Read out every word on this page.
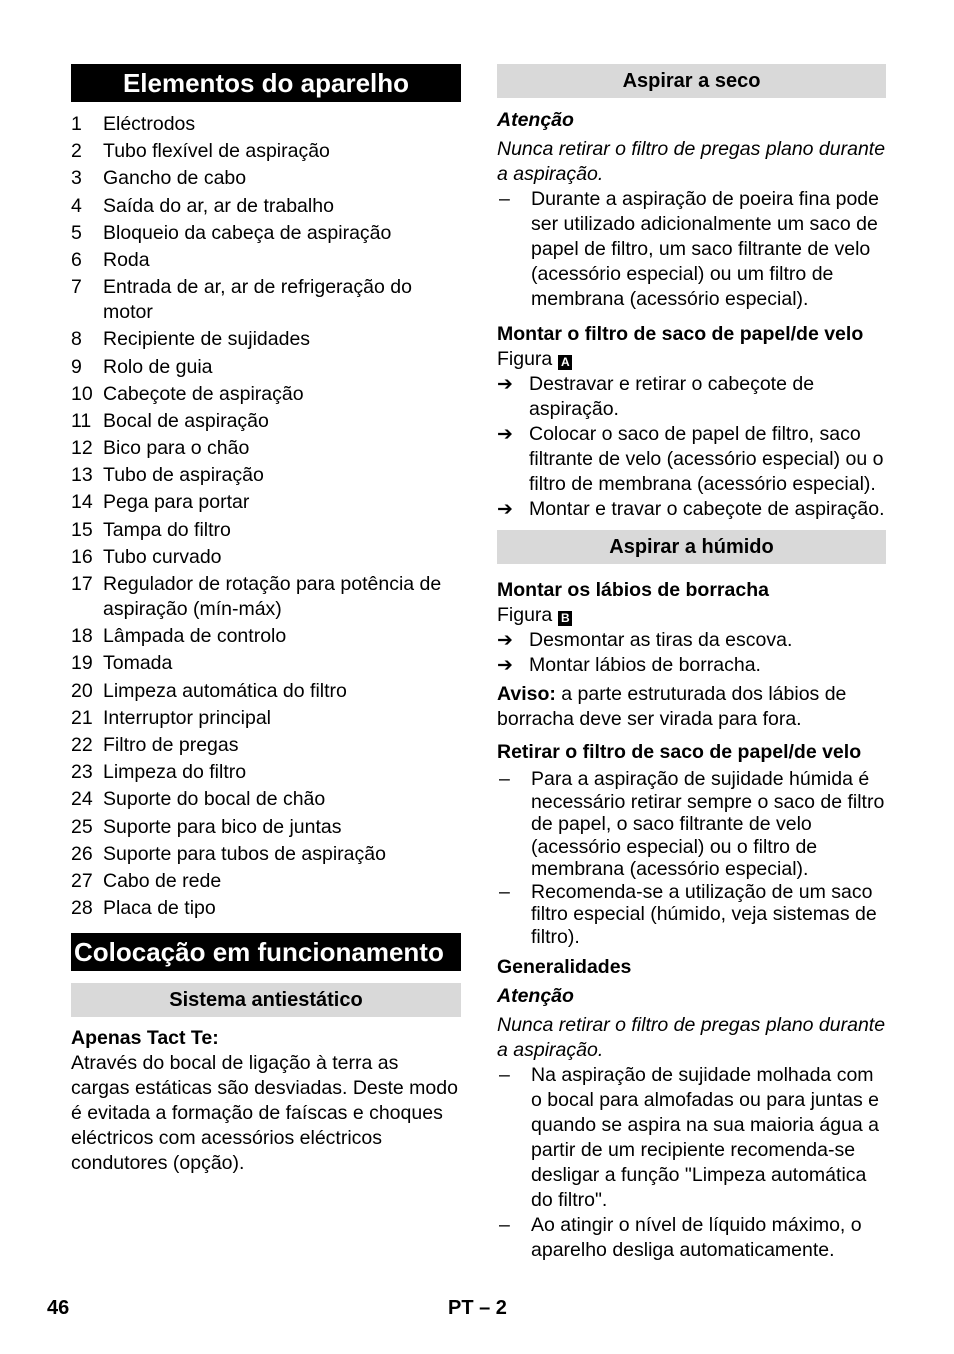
Elementos do aparelho
1	Eléctrodos
2	Tubo flexível de aspiração
3	Gancho de cabo
4	Saída do ar, ar de trabalho
5	Bloqueio da cabeça de aspiração
6	Roda
7	Entrada de ar, ar de refrigeração do motor
8	Recipiente de sujidades
9	Rolo de guia
10 Cabeçote de aspiração
11 Bocal de aspiração
12 Bico para o chão
13 Tubo de aspiração
14 Pega para portar
15 Tampa do filtro
16 Tubo curvado
17 Regulador de rotação para potência de aspiração (mín-máx)
18 Lâmpada de controlo
19 Tomada
20 Limpeza automática do filtro
21 Interruptor principal
22 Filtro de pregas
23 Limpeza do filtro
24 Suporte do bocal de chão
25 Suporte para bico de juntas
26 Suporte para tubos de aspiração
27 Cabo de rede
28 Placa de tipo
Colocação em funcionamento
Sistema antiestático

Apenas Tact Te:

Através do bocal de ligação à terra as cargas estáticas são desviadas. Deste modo é evitada a formação de faíscas e choques eléctricos com acessórios eléctricos condutores (opção).

Aspirar a seco

Atenção

Nunca retirar o filtro de pregas plano durante a aspiração.

–	Durante a aspiração de poeira fina pode ser utilizado adicionalmente um saco de papel de filtro, um saco filtrante de velo (acessório especial) ou um filtro de membrana (acessório especial).

Montar o filtro de saco de papel/de velo

Figura A

➔ Destravar e retirar o cabeçote de aspiração.
➔ Colocar o saco de papel de filtro, saco filtrante de velo (acessório especial) ou o filtro de membrana (acessório especial).
➔ Montar e travar o cabeçote de aspiração.
Aspirar a húmido

Montar os lábios de borracha

Figura B

➔ Desmontar as tiras da escova.
➔ Montar lábios de borracha.

Aviso: a parte estruturada dos lábios de borracha deve ser virada para fora.

Retirar o filtro de saco de papel/de velo

–	Para a aspiração de sujidade húmida é necessário retirar sempre o saco de filtro de papel, o saco filtrante de velo (acessório especial) ou o filtro de membrana (acessório especial).
–	Recomenda-se a utilização de um saco filtro especial (húmido, veja sistemas de filtro).

Generalidades

Atenção

Nunca retirar o filtro de pregas plano durante a aspiração.

–	Na aspiração de sujidade molhada com o bocal para almofadas ou para juntas e quando se aspira na sua maioria água a partir de um recipiente recomenda-se desligar a função "Limpeza automática do filtro".
–	Ao atingir o nível de líquido máximo, o aparelho desliga automaticamente.
46	PT – 2
